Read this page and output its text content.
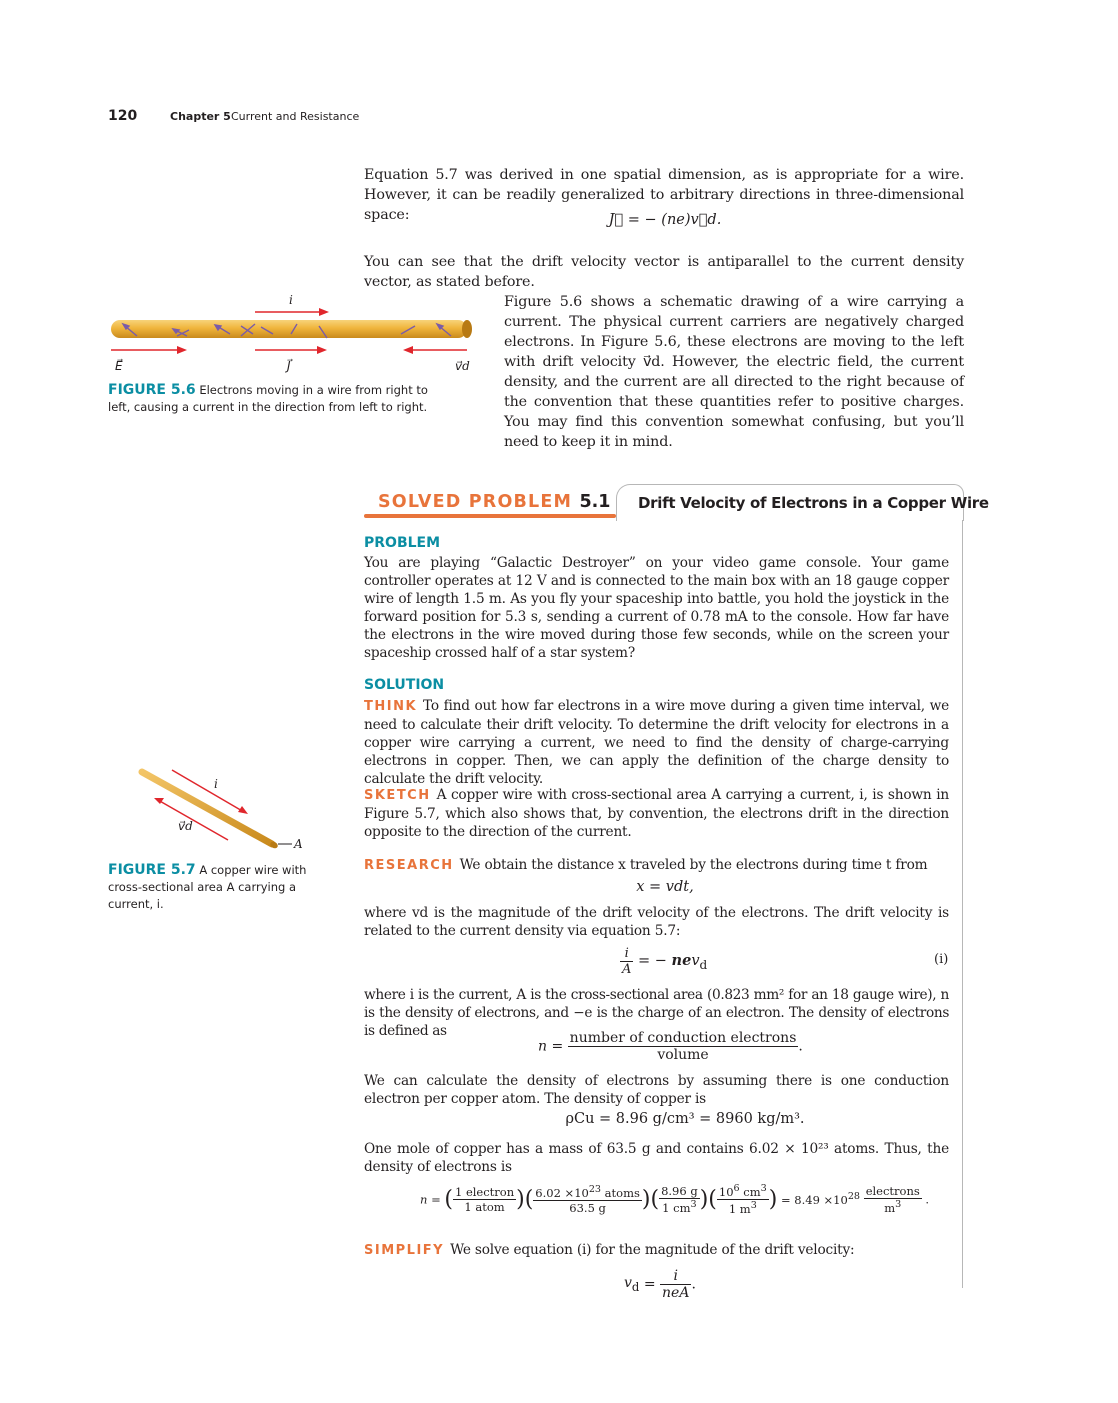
120	Chapter 5 Current and Resistance
Equation 5.7 was derived in one spatial dimension, as is appropriate for a wire. However, it can be readily generalized to arbitrary directions in three-dimensional space:	J⃗ = − (ne)v⃗d.
You can see that the drift velocity vector is antiparallel to the current density vector, as stated before.
Figure 5.6 shows a schematic drawing of a wire carrying a current. The physical current carriers are negatively charged electrons. In Figure 5.6, these electrons are moving to the left with drift velocity v⃗d. However, the electric field, the current density, and the current are all directed to the right because of the convention that these quantities refer to positive charges. You may find this convention somewhat confusing, but you’ll need to keep it in mind.
i
E⃗	J⃗	v⃗d
FIGURE 5.6 Electrons moving in a wire from right to left, causing a current in the direction from left to right.
i
v⃗d
A
FIGURE 5.7 A copper wire with cross-sectional area A carrying a current, i.
SOLVED PROBLEM 5.1 Drift Velocity of Electrons in a Copper Wire
PROBLEM
You are playing “Galactic Destroyer” on your video game console. Your game controller operates at 12 V and is connected to the main box with an 18 gauge copper wire of length 1.5 m. As you fly your spaceship into battle, you hold the joystick in the forward position for 5.3 s, sending a current of 0.78 mA to the console. How far have the electrons in the wire moved during those few seconds, while on the screen your spaceship crossed half of a star system?
SOLUTION
THINK To find out how far electrons in a wire move during a given time interval, we need to calculate their drift velocity. To determine the drift velocity for electrons in a copper wire carrying a current, we need to find the density of charge-carrying electrons in copper. Then, we can apply the definition of the charge density to calculate the drift velocity.
SKETCH A copper wire with cross-sectional area A carrying a current, i, is shown in Figure 5.7, which also shows that, by convention, the electrons drift in the direction opposite to the direction of the current.
RESEARCH We obtain the distance x traveled by the electrons during time t from
x = vdt,
where vd is the magnitude of the drift velocity of the electrons. The drift velocity is related to the current density via equation 5.7:
$\frac{i}{A}$ = − nev$_d$	(i)
where i is the current, A is the cross-sectional area (0.823 mm² for an 18 gauge wire), n is the density of electrons, and −e is the charge of an electron. The density of electrons is defined as
$n = \frac{\text{number of conduction electrons}}{\text{volume}}$ .
We can calculate the density of electrons by assuming there is one conduction electron per copper atom. The density of copper is
ρCu = 8.96 g/cm³ = 8960 kg/m³.
One mole of copper has a mass of 63.5 g and contains 6.02 × 10²³ atoms. Thus, the density of electrons is
n = ( $\frac{\text{1 electron}}{\text{1 atom}}$ )( $\frac{6.02 \times 10^{23} atoms}{63.5 g}$ )( $\frac{8.96 g}{1 cm^3}$ )( $\frac{10^6 cm^3}{1 m^3}$ ) = $8.49 \times 10^{28} \frac{\text{electrons}}{m^3}$ .
SIMPLIFY We solve equation (i) for the magnitude of the drift velocity:
$v_d = \frac{i}{\text{neA}}$ .
